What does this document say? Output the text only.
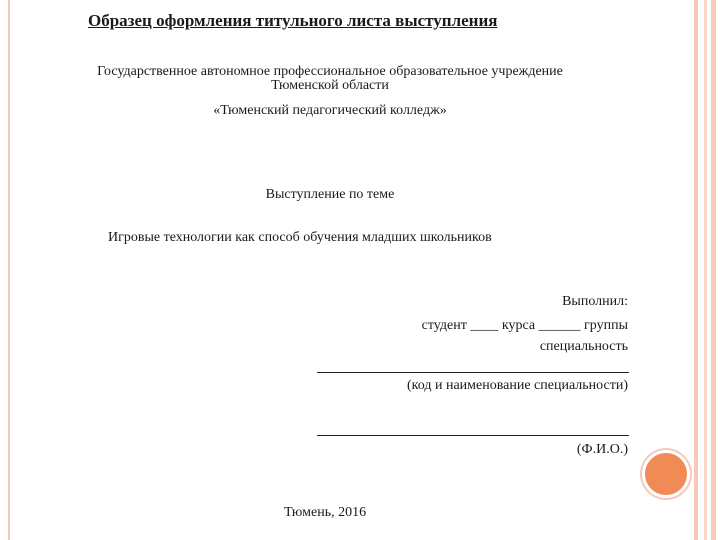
Образец оформления титульного листа выступления
Государственное автономное профессиональное образовательное учреждение
Тюменской области
«Тюменский педагогический колледж»
Выступление по теме
Игровые технологии как способ обучения младших школьников
Выполнил:
студент ____ курса ______ группы
специальность
(код и наименование специальности)
(Ф.И.О.)
Тюмень, 2016
